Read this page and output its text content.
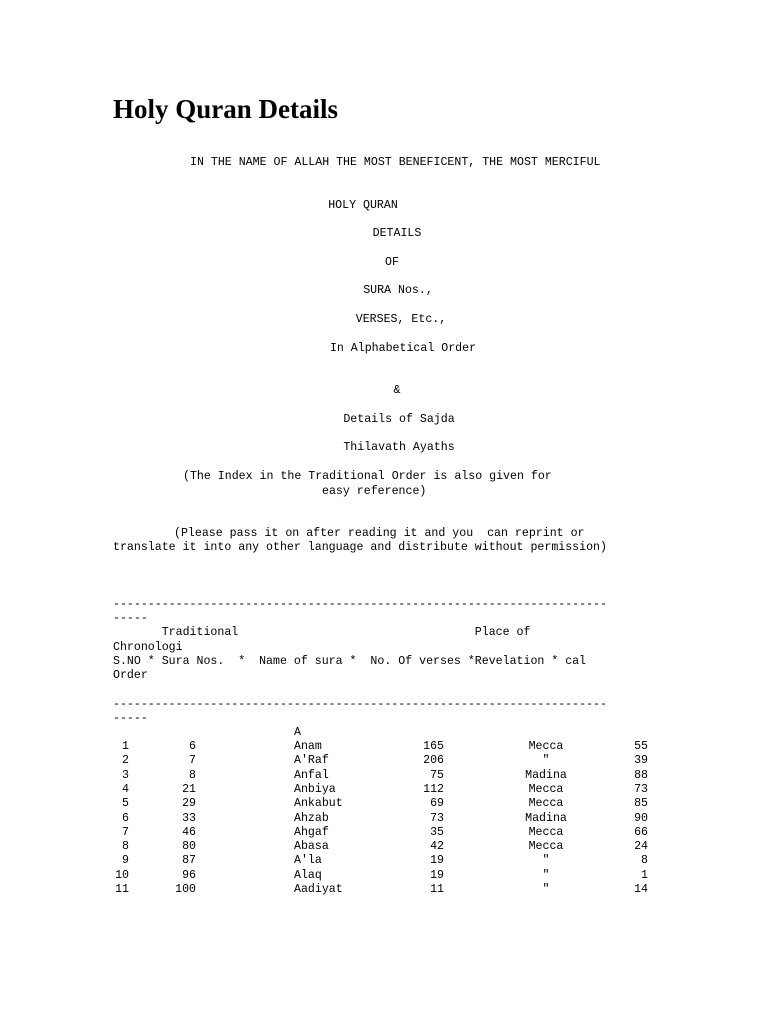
Holy Quran Details
IN THE NAME OF ALLAH THE MOST BENEFICENT, THE MOST MERCIFUL
HOLY QURAN
DETAILS
OF
SURA Nos.,
VERSES, Etc.,
In Alphabetical Order
&
Details of Sajda
Thilavath Ayaths
(The Index in the Traditional Order is also given for
easy reference)
(Please pass it on after reading it and you  can reprint or
translate it into any other language and distribute without permission)
-----------------------------------------------------------------------
-----
Traditional                                  Place of
Chronologi
S.NO * Sura Nos.  *  Name of sura *  No. Of verses *Revelation * cal
Order
-----------------------------------------------------------------------
-----
A
1	6	Anam	165	Mecca	55
2	7	A'Raf	206	"	39
3	8	Anfal	75	Madina	88
4	21	Anbiya	112	Mecca	73
5	29	Ankabut	69	Mecca	85
6	33	Ahzab	73	Madina	90
7	46	Ahgaf	35	Mecca	66
8	80	Abasa	42	Mecca	24
9	87	A'la	19	"	8
10	96	Alaq	19	"	1
11	100	Aadiyat	11	"	14
